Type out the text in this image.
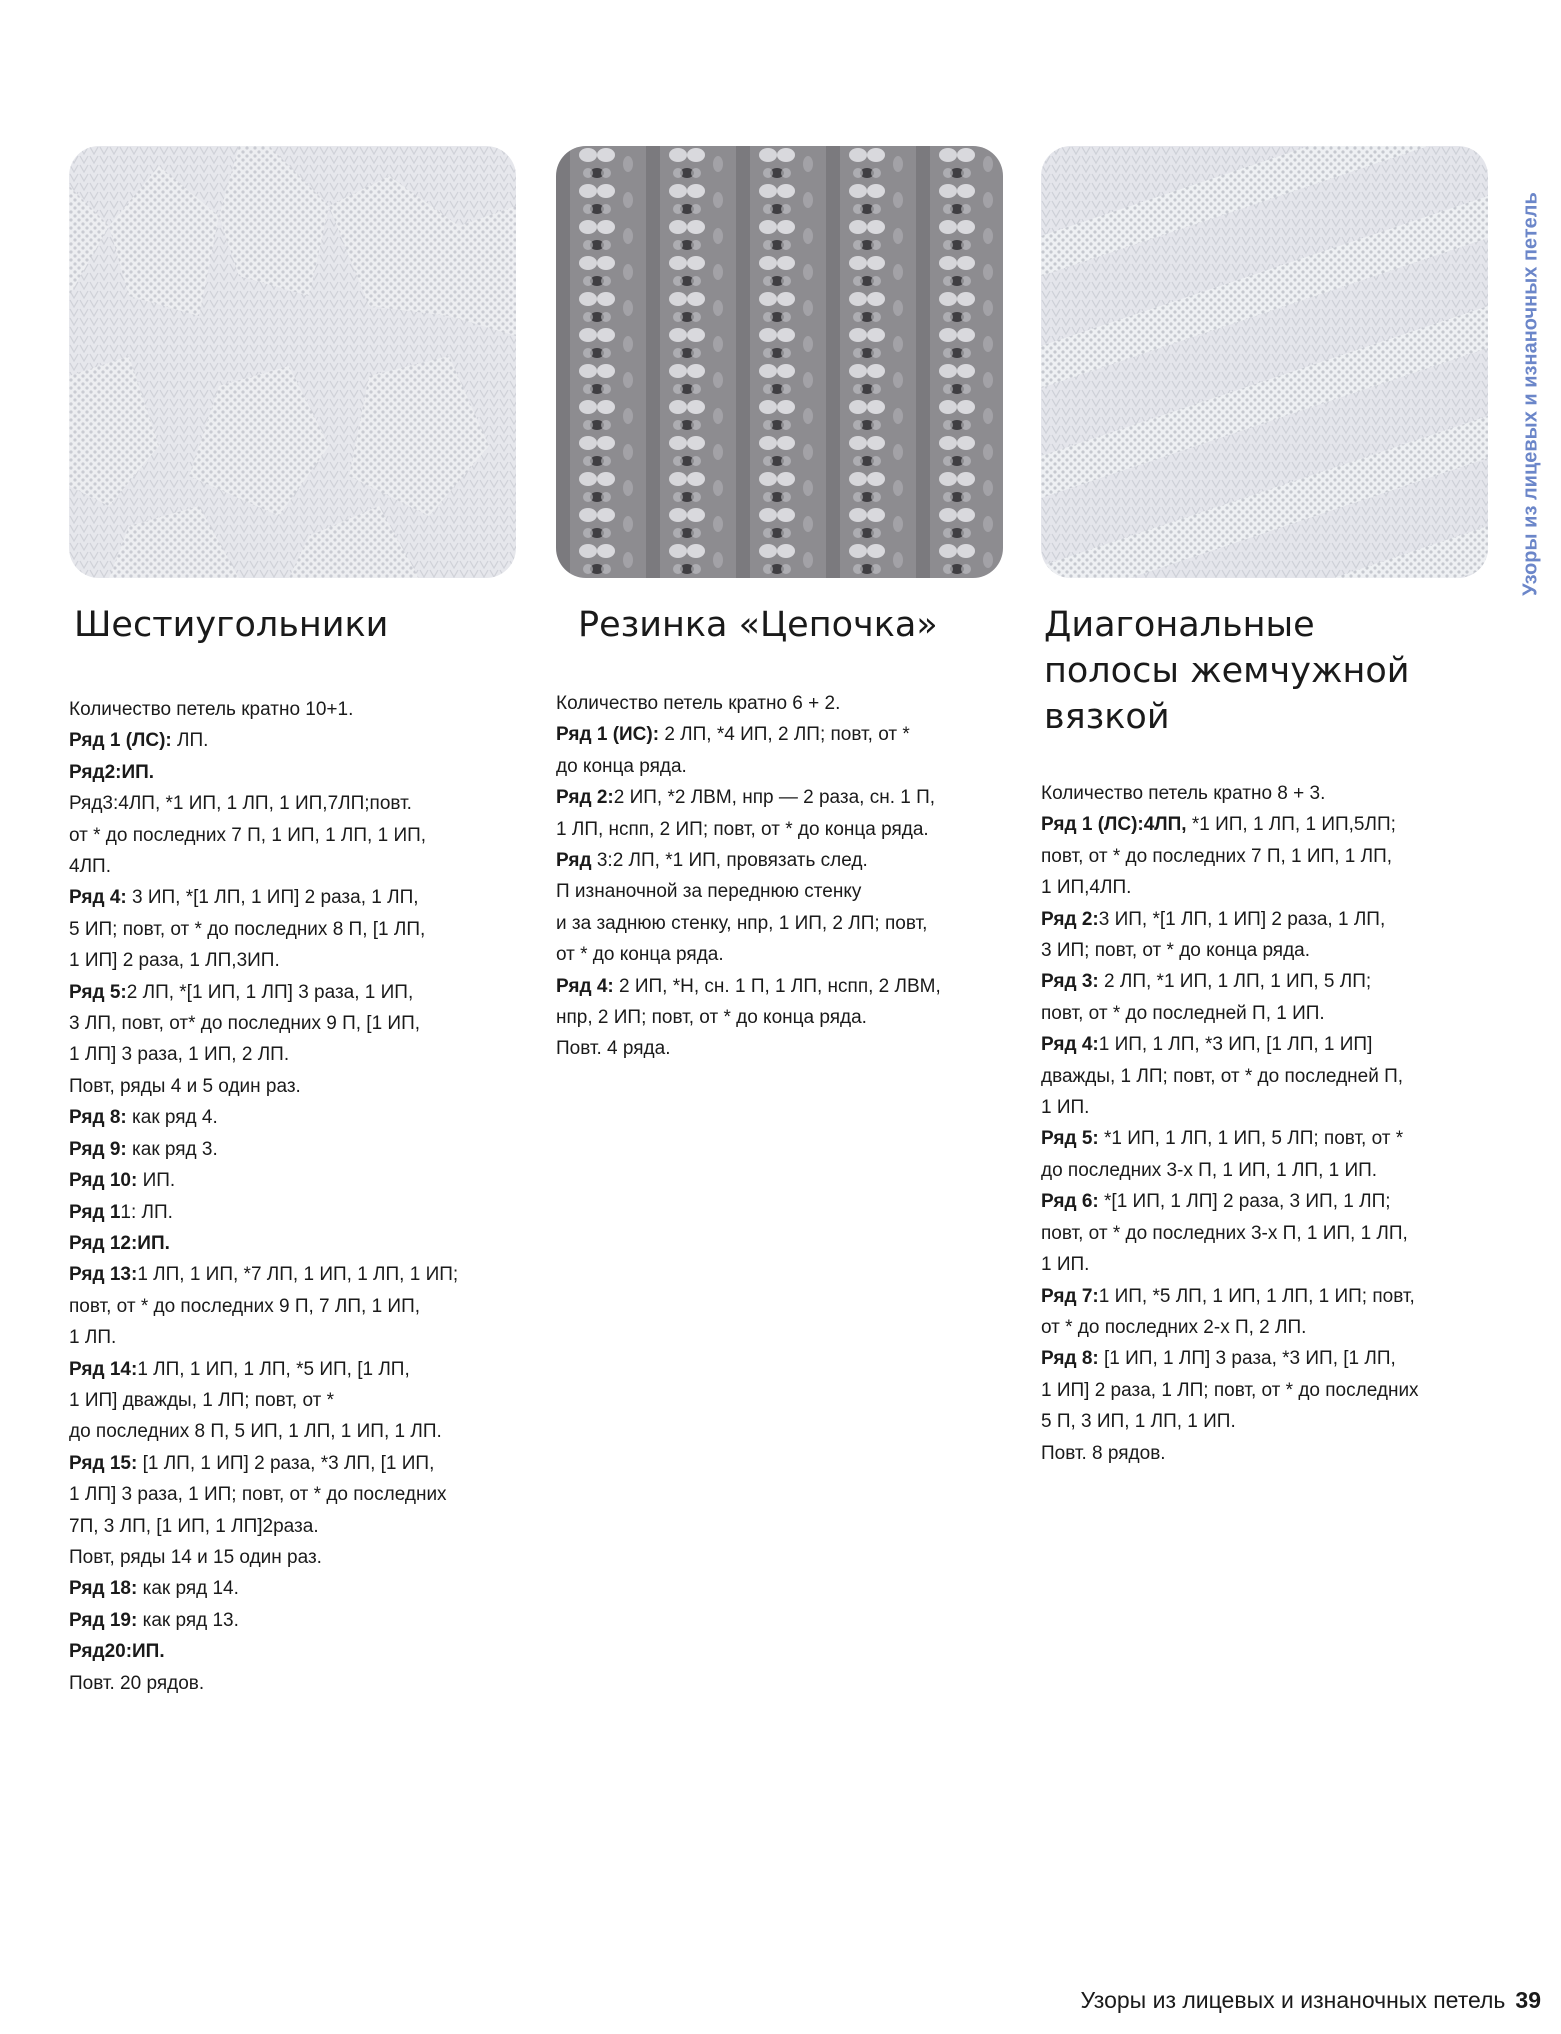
Узоры из лицевых и изнаночных петель
Шестиугольники
Количество петель кратно 10+1.
Ряд 1 (ЛС): ЛП.
Ряд2:ИП.
Ряд3:4ЛП, *1 ИП, 1 ЛП, 1 ИП,7ЛП;повт.
от * до последних 7 П, 1 ИП, 1 ЛП, 1 ИП,
4ЛП.
Ряд 4: 3 ИП, *[1 ЛП, 1 ИП] 2 раза, 1 ЛП,
5 ИП; повт, от * до последних 8 П, [1 ЛП,
1 ИП] 2 раза, 1 ЛП,3ИП.
Ряд 5:2 ЛП, *[1 ИП, 1 ЛП] 3 раза, 1 ИП,
3 ЛП, повт, от* до последних 9 П, [1 ИП,
1 ЛП] 3 раза, 1 ИП, 2 ЛП.
Повт, ряды 4 и 5 один раз.
Ряд 8: как ряд 4.
Ряд 9: как ряд 3.
Ряд 10: ИП.
Ряд 11: ЛП.
Ряд 12:ИП.
Ряд 13:1 ЛП, 1 ИП, *7 ЛП, 1 ИП, 1 ЛП, 1 ИП;
повт, от * до последних 9 П, 7 ЛП, 1 ИП,
1 ЛП.
Ряд 14:1 ЛП, 1 ИП, 1 ЛП, *5 ИП, [1 ЛП,
1 ИП] дважды, 1 ЛП; повт, от *
до последних 8 П, 5 ИП, 1 ЛП, 1 ИП, 1 ЛП.
Ряд 15: [1 ЛП, 1 ИП] 2 раза, *3 ЛП, [1 ИП,
1 ЛП] 3 раза, 1 ИП; повт, от * до последних
7П, 3 ЛП, [1 ИП, 1 ЛП]2раза.
Повт, ряды 14 и 15 один раз.
Ряд 18: как ряд 14.
Ряд 19: как ряд 13.
Ряд20:ИП.
Повт. 20 рядов.
Резинка «Цепочка»
Количество петель кратно 6 + 2.
Ряд 1 (ИС): 2 ЛП, *4 ИП, 2 ЛП; повт, от *
до конца ряда.
Ряд 2:2 ИП, *2 ЛВМ, нпр — 2 раза, сн. 1 П,
1 ЛП, нспп, 2 ИП; повт, от * до конца ряда.
Ряд 3:2 ЛП, *1 ИП, провязать след.
П изнаночной за переднюю стенку
и за заднюю стенку, нпр, 1 ИП, 2 ЛП; повт,
от * до конца ряда.
Ряд 4: 2 ИП, *Н, сн. 1 П, 1 ЛП, нспп, 2 ЛВМ,
нпр, 2 ИП; повт, от * до конца ряда.
Повт. 4 ряда.
Диагональные
полосы жемчужной
вязкой
Количество петель кратно 8 + 3.
Ряд 1 (ЛС):4ЛП, *1 ИП, 1 ЛП, 1 ИП,5ЛП;
повт, от * до последних 7 П, 1 ИП, 1 ЛП,
1 ИП,4ЛП.
Ряд 2:3 ИП, *[1 ЛП, 1 ИП] 2 раза, 1 ЛП,
3 ИП; повт, от * до конца ряда.
Ряд 3: 2 ЛП, *1 ИП, 1 ЛП, 1 ИП, 5 ЛП;
повт, от * до последней П, 1 ИП.
Ряд 4:1 ИП, 1 ЛП, *3 ИП, [1 ЛП, 1 ИП]
дважды, 1 ЛП; повт, от * до последней П,
1 ИП.
Ряд 5: *1 ИП, 1 ЛП, 1 ИП, 5 ЛП; повт, от *
до последних 3-х П, 1 ИП, 1 ЛП, 1 ИП.
Ряд 6: *[1 ИП, 1 ЛП] 2 раза, 3 ИП, 1 ЛП;
повт, от * до последних 3-х П, 1 ИП, 1 ЛП,
1 ИП.
Ряд 7:1 ИП, *5 ЛП, 1 ИП, 1 ЛП, 1 ИП; повт,
от * до последних 2-х П, 2 ЛП.
Ряд 8: [1 ИП, 1 ЛП] 3 раза, *3 ИП, [1 ЛП,
1 ИП] 2 раза, 1 ЛП; повт, от * до последних
5 П, 3 ИП, 1 ЛП, 1 ИП.
Повт. 8 рядов.
Узоры из лицевых и изнаночных петель 39
